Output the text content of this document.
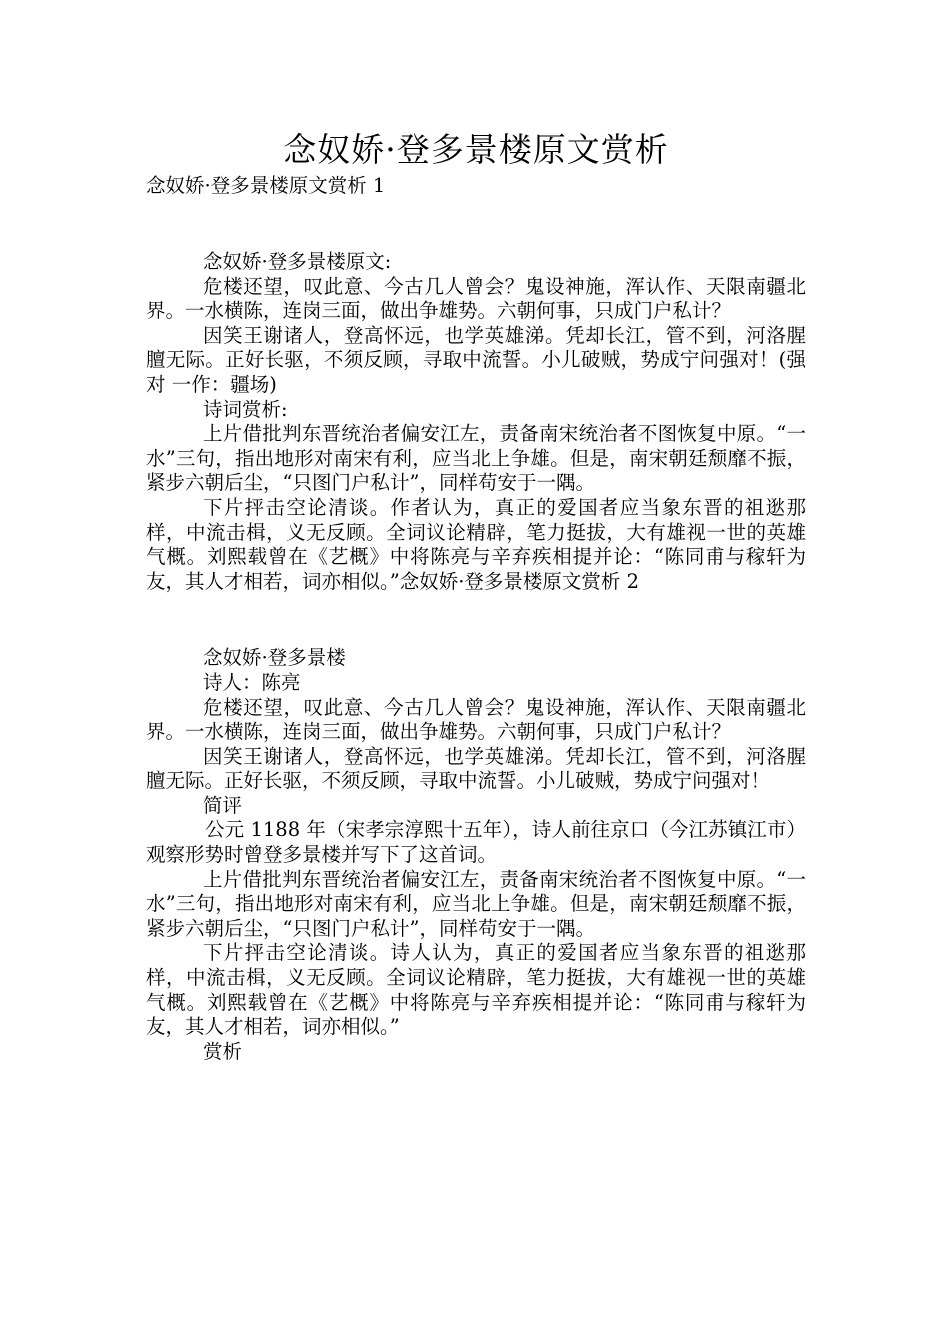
念奴娇·登多景楼原文赏析
念奴娇·登多景楼原文赏析 1

念奴娇·登多景楼原文:

危楼还望，叹此意、今古几人曾会？鬼设神施，浑认作、天限南疆北界。一水横陈，连岗三面，做出争雄势。六朝何事，只成门户私计？

因笑王谢诸人，登高怀远，也学英雄涕。凭却长江，管不到，河洛腥膻无际。正好长驱，不须反顾，寻取中流誓。小儿破贼，势成宁问强对！(强对 一作：疆场)

诗词赏析:

上片借批判东晋统治者偏安江左，责备南宋统治者不图恢复中原。“一水”三句，指出地形对南宋有利，应当北上争雄。但是，南宋朝廷颓靡不振，紧步六朝后尘，“只图门户私计”，同样苟安于一隅。

下片抨击空论清谈。作者认为，真正的爱国者应当象东晋的祖逖那样，中流击楫，义无反顾。全词议论精辟，笔力挺拔，大有雄视一世的英雄气概。刘熙载曾在《艺概》中将陈亮与辛弃疾相提并论：“陈同甫与稼轩为友，其人才相若，词亦相似。”念奴娇·登多景楼原文赏析 2

念奴娇·登多景楼

诗人：陈亮

危楼还望，叹此意、今古几人曾会？鬼设神施，浑认作、天限南疆北界。一水横陈，连岗三面，做出争雄势。六朝何事，只成门户私计？

因笑王谢诸人，登高怀远，也学英雄涕。凭却长江，管不到，河洛腥膻无际。正好长驱，不须反顾，寻取中流誓。小儿破贼，势成宁问强对！

简评

公元 1188 年（宋孝宗淳熙十五年），诗人前往京口（今江苏镇江市）观察形势时曾登多景楼并写下了这首词。

上片借批判东晋统治者偏安江左，责备南宋统治者不图恢复中原。“一水”三句，指出地形对南宋有利，应当北上争雄。但是，南宋朝廷颓靡不振，紧步六朝后尘，“只图门户私计”，同样苟安于一隅。

下片抨击空论清谈。诗人认为，真正的爱国者应当象东晋的祖逖那样，中流击楫，义无反顾。全词议论精辟，笔力挺拔，大有雄视一世的英雄气概。刘熙载曾在《艺概》中将陈亮与辛弃疾相提并论：“陈同甫与稼轩为友，其人才相若，词亦相似。”

赏析
